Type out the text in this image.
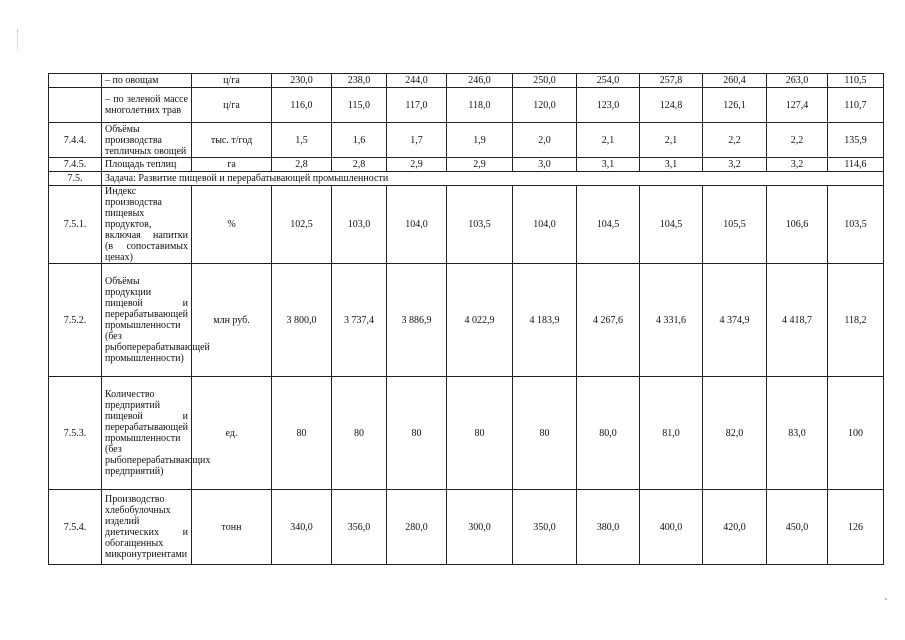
	– по овощам	ц/га	230,0	238,0	244,0	246,0	250,0	254,0	257,8	260,4	263,0	110,5
	– по зеленой массе многолетних трав	ц/га	116,0	115,0	117,0	118,0	120,0	123,0	124,8	126,1	127,4	110,7
7.4.4.	Объёмы производства тепличных овощей	тыс. т/год	1,5	1,6	1,7	1,9	2,0	2,1	2,1	2,2	2,2	135,9
7.4.5.	Площадь теплиц	га	2,8	2,8	2,9	2,9	3,0	3,1	3,1	3,2	3,2	114,6
7.5.	Задача: Развитие пищевой и перерабатывающей промышленности											
7.5.1.	Индекс производства пищевых продуктов, включая напитки (в сопоставимых ценах)	%	102,5	103,0	104,0	103,5	104,0	104,5	104,5	105,5	106,6	103,5
7.5.2.	Объёмы продукции пищевой и перерабатывающей промышленности (без рыбоперерабатывающей промышленности)	млн руб.	3 800,0	3 737,4	3 886,9	4 022,9	4 183,9	4 267,6	4 331,6	4 374,9	4 418,7	118,2
7.5.3.	Количество предприятий пищевой и перерабатывающей промышленности (без рыбоперерабатывающих предприятий)	ед.	80	80	80	80	80	80,0	81,0	82,0	83,0	100
7.5.4.	Производство хлебобулочных изделий диетических и обогащенных микронутриентами	тонн	340,0	356,0	280,0	300,0	350,0	380,0	400,0	420,0	450,0	126
